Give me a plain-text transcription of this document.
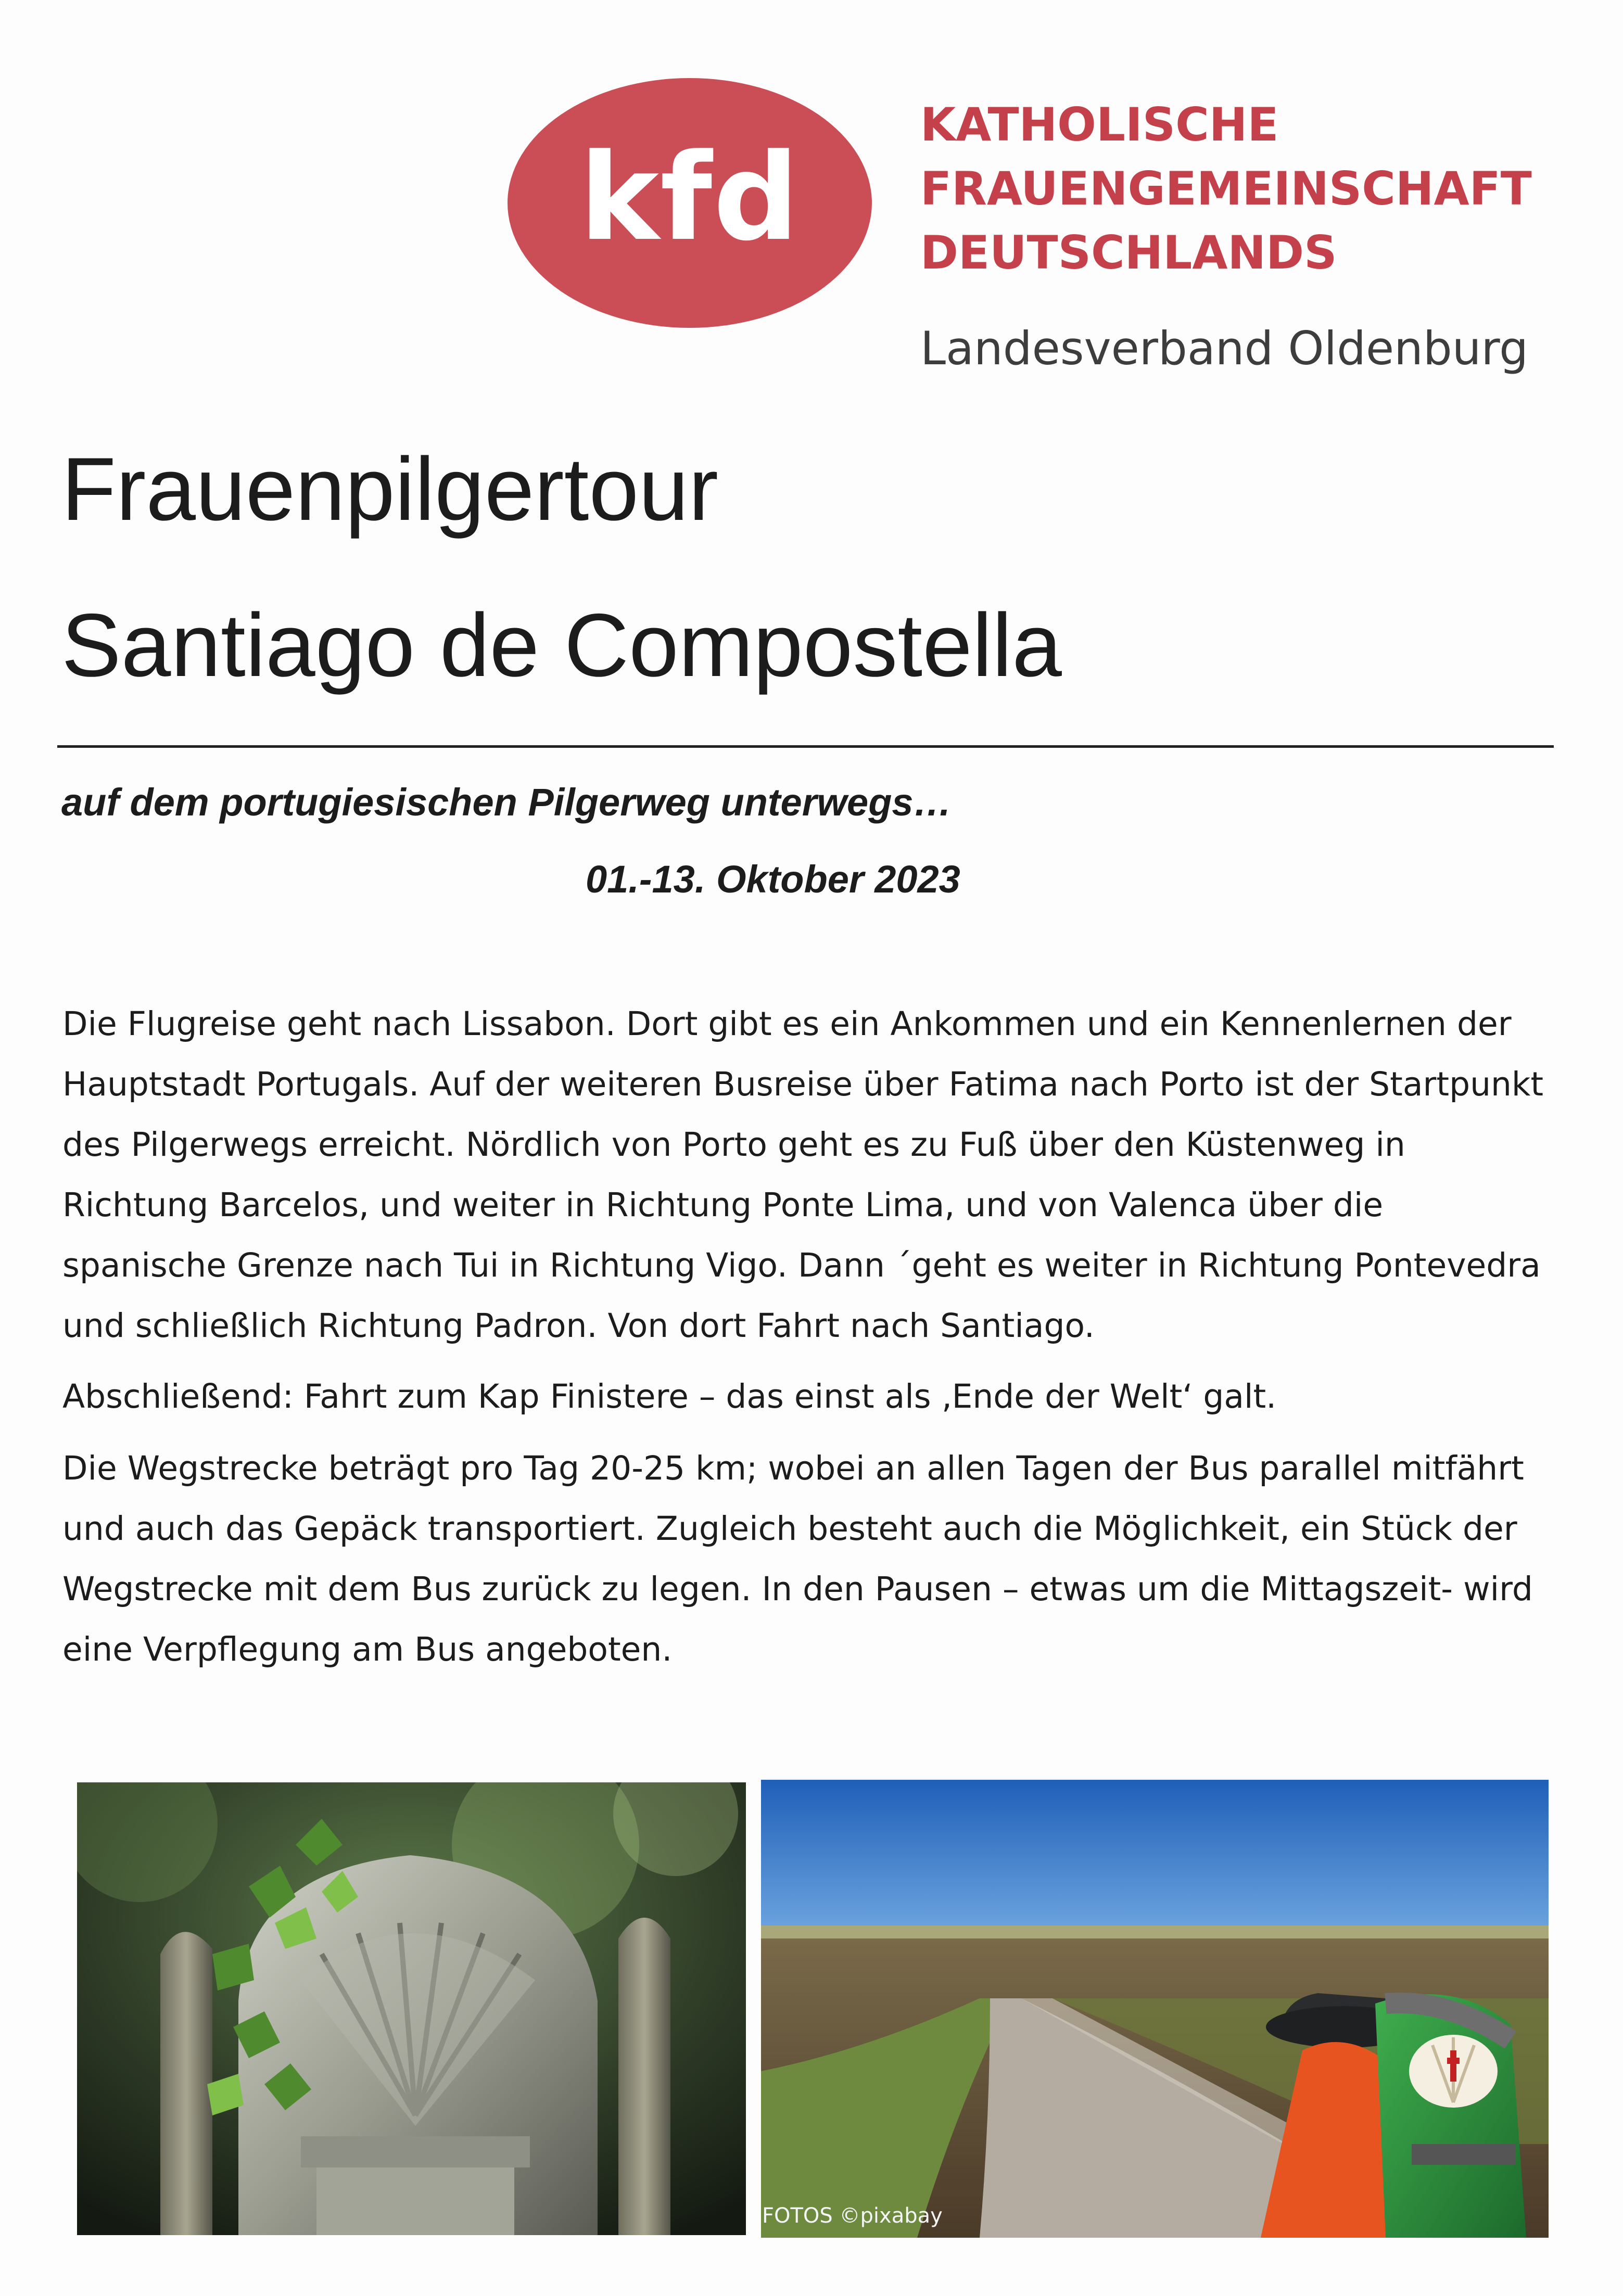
kfd
KATHOLISCHE
FRAUENGEMEINSCHAFT
DEUTSCHLANDS
Landesverband Oldenburg
Frauenpilgertour
Santiago de Compostella
auf dem portugiesischen Pilgerweg unterwegs…
01.-13. Oktober 2023

Die Flugreise geht nach Lissabon. Dort gibt es ein Ankommen und ein Kennenlernen der Hauptstadt Portugals. Auf der weiteren Busreise über Fatima nach Porto ist der Startpunkt des Pilgerwegs erreicht. Nördlich von Porto geht es zu Fuß über den Küstenweg in Richtung Barcelos, und weiter in Richtung Ponte Lima, und von Valenca über die spanische Grenze nach Tui in Richtung Vigo. Dann ´geht es weiter in Richtung Pontevedra und schließlich Richtung Padron. Von dort Fahrt nach Santiago.

Abschließend: Fahrt zum Kap Finistere – das einst als ‚Ende der Welt‘ galt.

Die Wegstrecke beträgt pro Tag 20-25 km; wobei an allen Tagen der Bus parallel mitfährt und auch das Gepäck transportiert. Zugleich besteht auch die Möglichkeit, ein Stück der Wegstrecke mit dem Bus zurück zu legen. In den Pausen – etwas um die Mittagszeit- wird eine Verpflegung am Bus angeboten.

FOTOS ©pixabay
